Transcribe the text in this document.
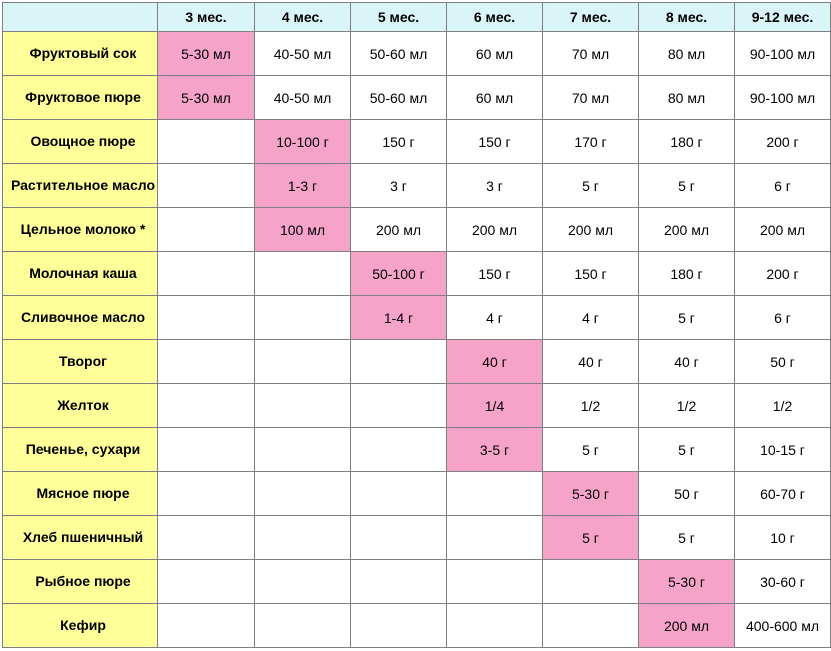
	3 мес.	4 мес.	5 мес.	6 мес.	7 мес.	8 мес.	9-12 мес.
Фруктовый сок	5-30 мл	40-50 мл	50-60 мл	60 мл	70 мл	80 мл	90-100 мл
Фруктовое пюре	5-30 мл	40-50 мл	50-60 мл	60 мл	70 мл	80 мл	90-100 мл
Овощное пюре		10-100 г	150 г	150 г	170 г	180 г	200 г
Растительное масло		1-3 г	3 г	3 г	5 г	5 г	6 г
Цельное молоко *		100 мл	200 мл	200 мл	200 мл	200 мл	200 мл
Молочная каша			50-100 г	150 г	150 г	180 г	200 г
Сливочное масло			1-4 г	4 г	4 г	5 г	6 г
Творог				40 г	40 г	40 г	50 г
Желток				1/4	1/2	1/2	1/2
Печенье, сухари				3-5 г	5 г	5 г	10-15 г
Мясное пюре					5-30 г	50 г	60-70 г
Хлеб пшеничный					5 г	5 г	10 г
Рыбное пюре						5-30 г	30-60 г
Кефир						200 мл	400-600 мл
